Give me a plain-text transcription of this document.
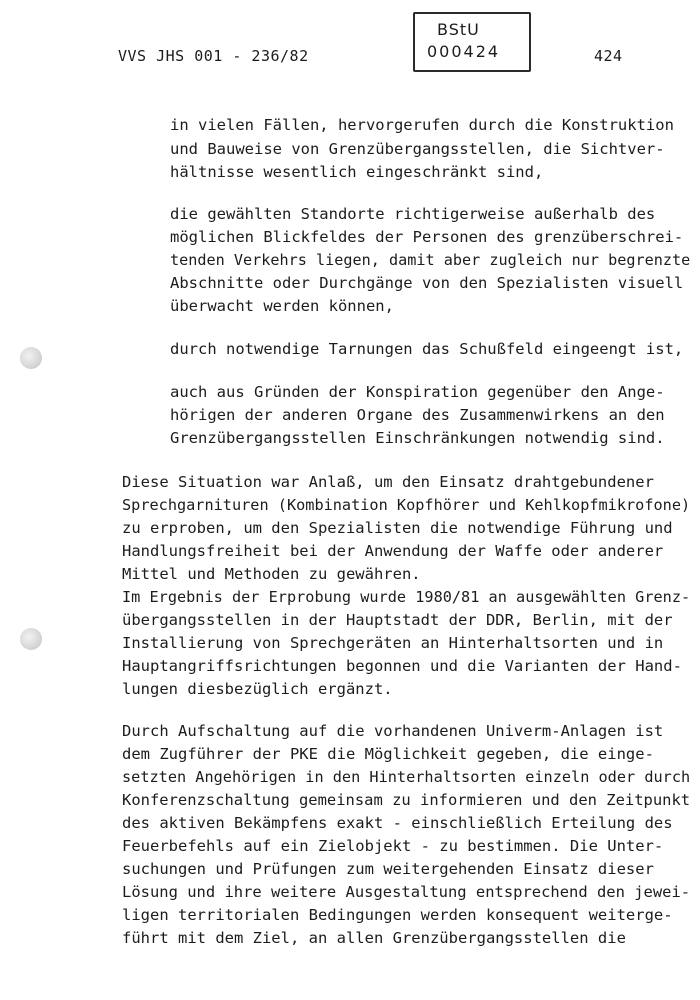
VVS JHS 001 - 236/82
BStU
000424	424
in vielen Fällen, hervorgerufen durch die Konstruktion
und Bauweise von Grenzübergangsstellen, die Sichtver-
hältnisse wesentlich eingeschränkt sind,
die gewählten Standorte richtigerweise außerhalb des
möglichen Blickfeldes der Personen des grenzüberschrei-
tenden Verkehrs liegen, damit aber zugleich nur begrenzte
Abschnitte oder Durchgänge von den Spezialisten visuell
überwacht werden können,
durch notwendige Tarnungen das Schußfeld eingeengt ist,
auch aus Gründen der Konspiration gegenüber den Ange-
hörigen der anderen Organe des Zusammenwirkens an den
Grenzübergangsstellen Einschränkungen notwendig sind.
Diese Situation war Anlaß, um den Einsatz drahtgebundener
Sprechgarnituren (Kombination Kopfhörer und Kehlkopfmikrofone)
zu erproben, um den Spezialisten die notwendige Führung und
Handlungsfreiheit bei der Anwendung der Waffe oder anderer
Mittel und Methoden zu gewähren.
Im Ergebnis der Erprobung wurde 1980/81 an ausgewählten Grenz-
übergangsstellen in der Hauptstadt der DDR, Berlin, mit der
Installierung von Sprechgeräten an Hinterhaltsorten und in
Hauptangriffsrichtungen begonnen und die Varianten der Hand-
lungen diesbezüglich ergänzt.
Durch Aufschaltung auf die vorhandenen Univerm-Anlagen ist
dem Zugführer der PKE die Möglichkeit gegeben, die einge-
setzten Angehörigen in den Hinterhaltsorten einzeln oder durch
Konferenzschaltung gemeinsam zu informieren und den Zeitpunkt
des aktiven Bekämpfens exakt - einschließlich Erteilung des
Feuerbefehls auf ein Zielobjekt - zu bestimmen. Die Unter-
suchungen und Prüfungen zum weitergehenden Einsatz dieser
Lösung und ihre weitere Ausgestaltung entsprechend den jewei-
ligen territorialen Bedingungen werden konsequent weiterge-
führt mit dem Ziel, an allen Grenzübergangsstellen die
